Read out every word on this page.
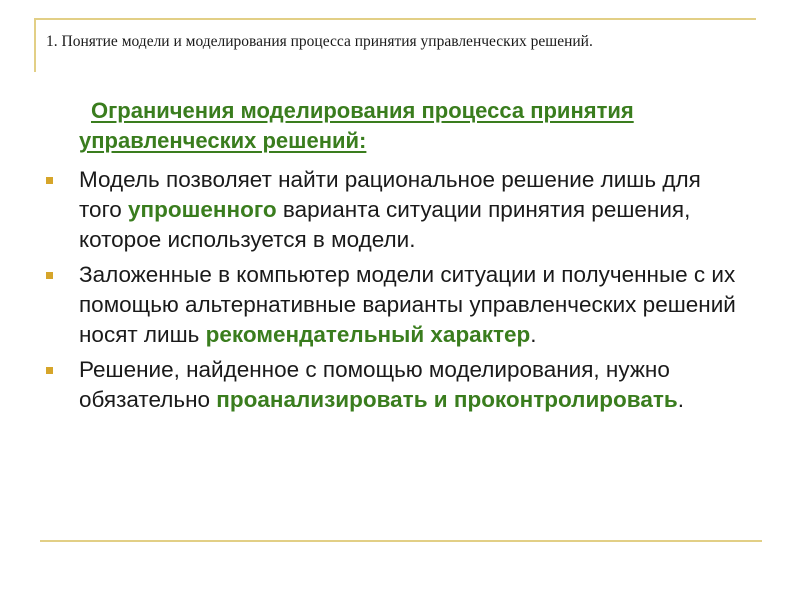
1. Понятие модели и моделирования процесса принятия управленческих решений.
Ограничения моделирования процесса принятия управленческих решений:
Модель позволяет найти рациональное решение лишь для того упрошенного варианта ситуации принятия решения, которое используется в модели.
Заложенные в компьютер модели ситуации и полученные с их помощью альтернативные варианты управленческих решений носят лишь рекомендательный характер.
Решение, найденное с помощью моделирования, нужно обязательно проанализировать и проконтролировать.
